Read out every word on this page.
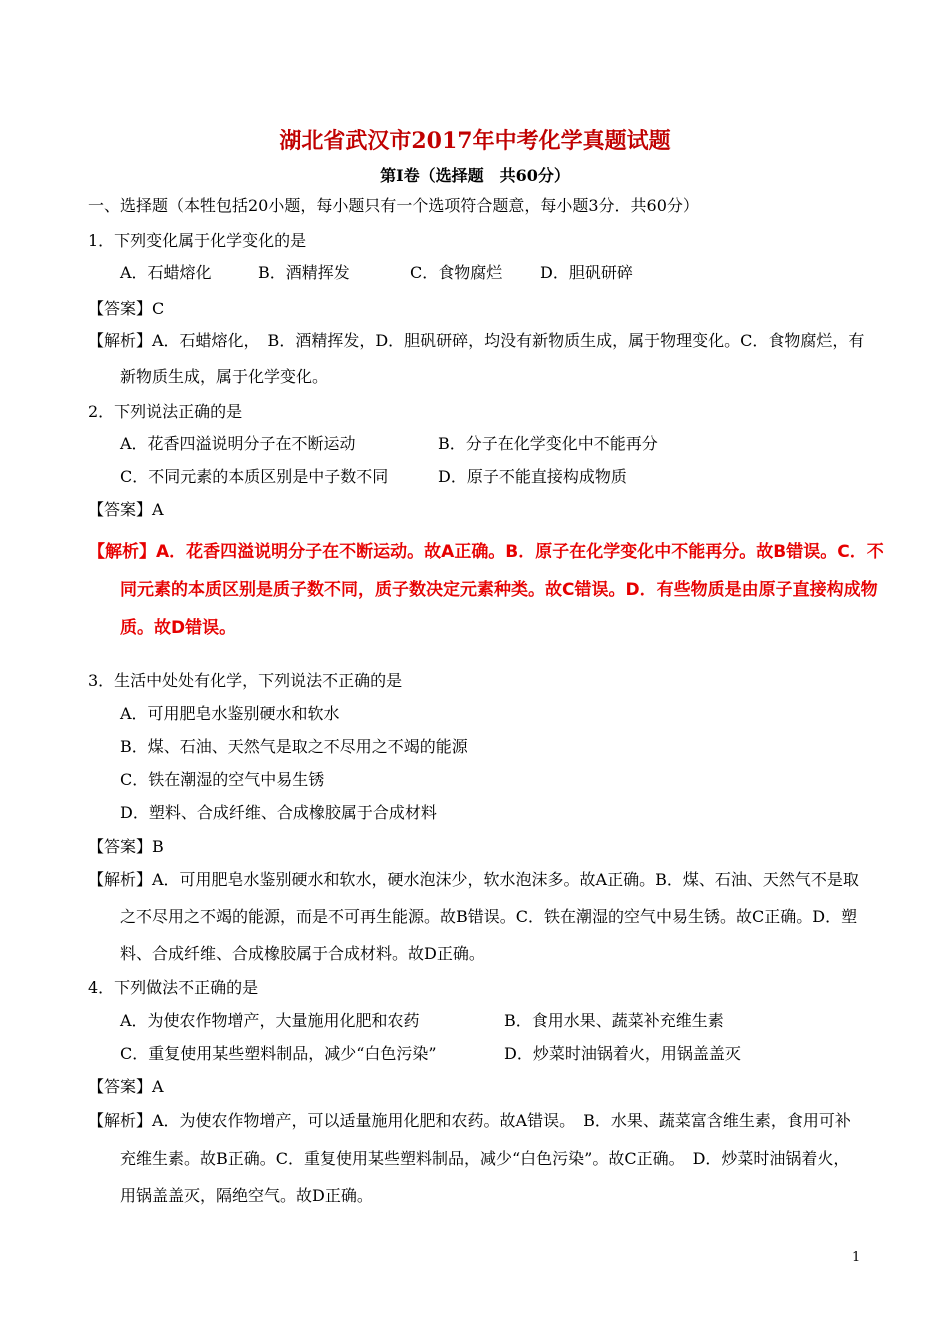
湖北省武汉市2017年中考化学真题试题
第Ⅰ卷（选择题　共60分）
一、选择题（本牲包括20小题，每小题只有一个选项符合题意，每小题3分．共60分）
1．下列变化属于化学变化的是
A．石蜡熔化	B．酒精挥发	C．食物腐烂 D．胆矾研碎
【答案】C
【解析】A．石蜡熔化，　B．酒精挥发，D．胆矾研碎，均没有新物质生成，属于物理变化。C．食物腐烂，有
新物质生成，属于化学变化。
2．下列说法正确的是
A．花香四溢说明分子在不断运动	B．分子在化学变化中不能再分
C．不同元素的本质区别是中子数不同	D．原子不能直接构成物质
【答案】A
【解析】A．花香四溢说明分子在不断运动。故A正确。B．原子在化学变化中不能再分。故B错误。C．不
同元素的本质区别是质子数不同，质子数决定元素种类。故C错误。D．有些物质是由原子直接构成物
质。故D错误。
3．生活中处处有化学，下列说法不正确的是
A．可用肥皂水鉴别硬水和软水
B．煤、石油、天然气是取之不尽用之不竭的能源
C．铁在潮湿的空气中易生锈
D．塑料、合成纤维、合成橡胶属于合成材料
【答案】B
【解析】A．可用肥皂水鉴别硬水和软水，硬水泡沫少，软水泡沫多。故A正确。B．煤、石油、天然气不是取
之不尽用之不竭的能源，而是不可再生能源。故B错误。C．铁在潮湿的空气中易生锈。故C正确。D．塑
料、合成纤维、合成橡胶属于合成材料。故D正确。
4．下列做法不正确的是
A．为使农作物增产，大量施用化肥和农药	B．食用水果、蔬菜补充维生素
C．重复使用某些塑料制品，减少“白色污染”	D．炒菜时油锅着火，用锅盖盖灭
【答案】A
【解析】A．为使农作物增产，可以适量施用化肥和农药。故A错误。　B．水果、蔬菜富含维生素，食用可补
充维生素。故B正确。C．重复使用某些塑料制品，减少“白色污染”。故C正确。　D．炒菜时油锅着火，
用锅盖盖灭，隔绝空气。故D正确。
1
